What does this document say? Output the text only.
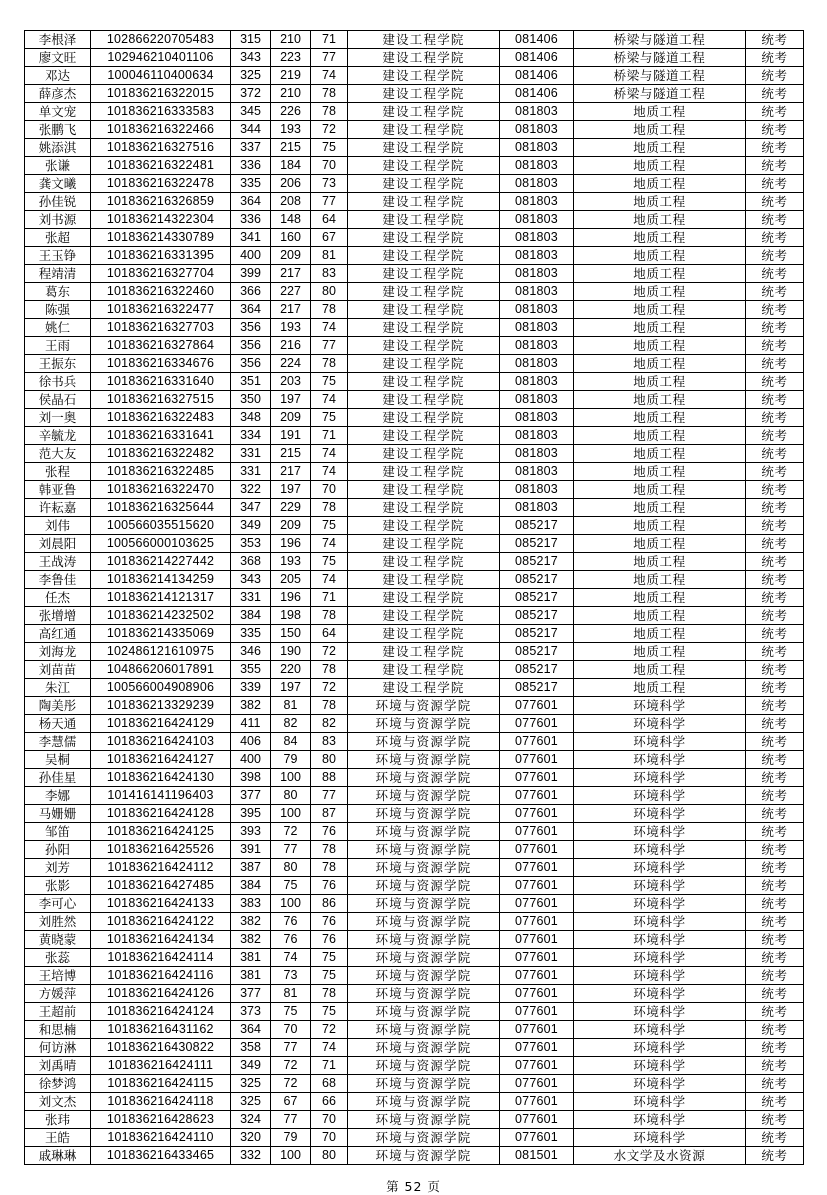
李根泽	102866220705483	315	210	71	建设工程学院	081406	桥梁与隧道工程	统考
廖文旺	102946210401106	343	223	77	建设工程学院	081406	桥梁与隧道工程	统考
邓达	100046110400634	325	219	74	建设工程学院	081406	桥梁与隧道工程	统考
薛彦杰	101836216322015	372	210	78	建设工程学院	081406	桥梁与隧道工程	统考
单文宠	101836216333583	345	226	78	建设工程学院	081803	地质工程	统考
张鹏飞	101836216322466	344	193	72	建设工程学院	081803	地质工程	统考
姚添淇	101836216327516	337	215	75	建设工程学院	081803	地质工程	统考
张谦	101836216322481	336	184	70	建设工程学院	081803	地质工程	统考
龚文曦	101836216322478	335	206	73	建设工程学院	081803	地质工程	统考
孙佳锐	101836216326859	364	208	77	建设工程学院	081803	地质工程	统考
刘书源	101836214322304	336	148	64	建设工程学院	081803	地质工程	统考
张超	101836214330789	341	160	67	建设工程学院	081803	地质工程	统考
王玉铮	101836216331395	400	209	81	建设工程学院	081803	地质工程	统考
程靖清	101836216327704	399	217	83	建设工程学院	081803	地质工程	统考
葛东	101836216322460	366	227	80	建设工程学院	081803	地质工程	统考
陈强	101836216322477	364	217	78	建设工程学院	081803	地质工程	统考
姚仁	101836216327703	356	193	74	建设工程学院	081803	地质工程	统考
王雨	101836216327864	356	216	77	建设工程学院	081803	地质工程	统考
王振东	101836216334676	356	224	78	建设工程学院	081803	地质工程	统考
徐书兵	101836216331640	351	203	75	建设工程学院	081803	地质工程	统考
侯晶石	101836216327515	350	197	74	建设工程学院	081803	地质工程	统考
刘一奥	101836216322483	348	209	75	建设工程学院	081803	地质工程	统考
辛毓龙	101836216331641	334	191	71	建设工程学院	081803	地质工程	统考
范大友	101836216322482	331	215	74	建设工程学院	081803	地质工程	统考
张程	101836216322485	331	217	74	建设工程学院	081803	地质工程	统考
韩亚鲁	101836216322470	322	197	70	建设工程学院	081803	地质工程	统考
许耘嘉	101836216325644	347	229	78	建设工程学院	081803	地质工程	统考
刘伟	100566035515620	349	209	75	建设工程学院	085217	地质工程	统考
刘晨阳	100566000103625	353	196	74	建设工程学院	085217	地质工程	统考
王战涛	101836214227442	368	193	75	建设工程学院	085217	地质工程	统考
李鲁佳	101836214134259	343	205	74	建设工程学院	085217	地质工程	统考
任杰	101836214121317	331	196	71	建设工程学院	085217	地质工程	统考
张增增	101836214232502	384	198	78	建设工程学院	085217	地质工程	统考
高红通	101836214335069	335	150	64	建设工程学院	085217	地质工程	统考
刘海龙	102486121610975	346	190	72	建设工程学院	085217	地质工程	统考
刘苗苗	104866206017891	355	220	78	建设工程学院	085217	地质工程	统考
朱江	100566004908906	339	197	72	建设工程学院	085217	地质工程	统考
陶美彤	101836213329239	382	81	78	环境与资源学院	077601	环境科学	统考
杨天通	101836216424129	411	82	82	环境与资源学院	077601	环境科学	统考
李慧儒	101836216424103	406	84	83	环境与资源学院	077601	环境科学	统考
吴桐	101836216424127	400	79	80	环境与资源学院	077601	环境科学	统考
孙佳星	101836216424130	398	100	88	环境与资源学院	077601	环境科学	统考
李娜	101416141196403	377	80	77	环境与资源学院	077601	环境科学	统考
马姗姗	101836216424128	395	100	87	环境与资源学院	077601	环境科学	统考
邹笛	101836216424125	393	72	76	环境与资源学院	077601	环境科学	统考
孙阳	101836216425526	391	77	78	环境与资源学院	077601	环境科学	统考
刘芳	101836216424112	387	80	78	环境与资源学院	077601	环境科学	统考
张影	101836216427485	384	75	76	环境与资源学院	077601	环境科学	统考
李可心	101836216424133	383	100	86	环境与资源学院	077601	环境科学	统考
刘胜然	101836216424122	382	76	76	环境与资源学院	077601	环境科学	统考
黄晓蒙	101836216424134	382	76	76	环境与资源学院	077601	环境科学	统考
张蕊	101836216424114	381	74	75	环境与资源学院	077601	环境科学	统考
王培博	101836216424116	381	73	75	环境与资源学院	077601	环境科学	统考
方媛萍	101836216424126	377	81	78	环境与资源学院	077601	环境科学	统考
王超前	101836216424124	373	75	75	环境与资源学院	077601	环境科学	统考
和思楠	101836216431162	364	70	72	环境与资源学院	077601	环境科学	统考
何访淋	101836216430822	358	77	74	环境与资源学院	077601	环境科学	统考
刘禹晴	101836216424111	349	72	71	环境与资源学院	077601	环境科学	统考
徐梦鸿	101836216424115	325	72	68	环境与资源学院	077601	环境科学	统考
刘文杰	101836216424118	325	67	66	环境与资源学院	077601	环境科学	统考
张玮	101836216428623	324	77	70	环境与资源学院	077601	环境科学	统考
王皓	101836216424110	320	79	70	环境与资源学院	077601	环境科学	统考
戚琳琳	101836216433465	332	100	80	环境与资源学院	081501	水文学及水资源	统考
第 52 页
